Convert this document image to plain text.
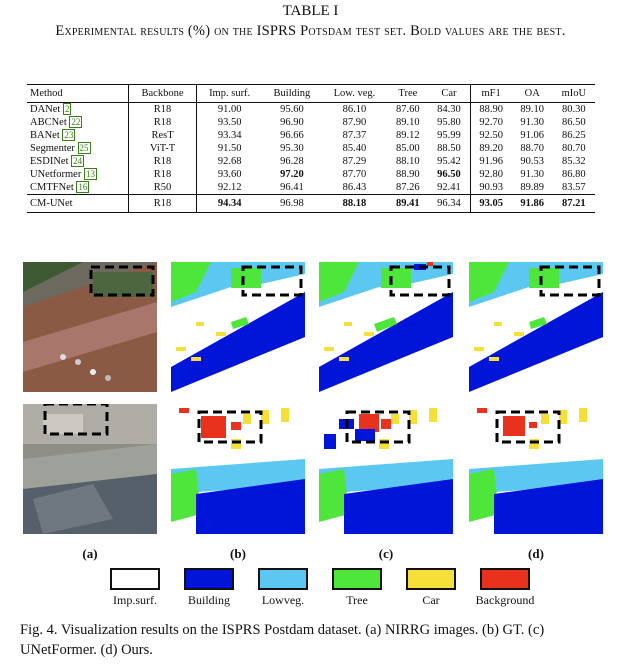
TABLE I
Experimental results (%) on the ISPRS Potsdam test set. Bold values are the best.
Method	Backbone	Imp. surf.	Building	Low. veg.	Tree	Car	mF1	OA	mIoU
DANet 2	R18	91.00	95.60	86.10	87.60	84.30	88.90	89.10	80.30
ABCNet 22	R18	93.50	96.90	87.90	89.10	95.80	92.70	91.30	86.50
BANet 23	ResT	93.34	96.66	87.37	89.12	95.99	92.50	91.06	86.25
Segmenter 25	ViT-T	91.50	95.30	85.40	85.00	88.50	89.20	88.70	80.70
ESDINet 24	R18	92.68	96.28	87.29	88.10	95.42	91.96	90.53	85.32
UNetformer 13	R18	93.60	97.20	87.70	88.90	96.50	92.80	91.30	86.80
CMTFNet 16	R50	92.12	96.41	86.43	87.26	92.41	90.93	89.89	83.57
CM-UNet	R18	94.34	96.98	88.18	89.41	96.34	93.05	91.86	87.21
(a)	(b)	(c)	(d)
Imp.surf.	Building	Lowveg.	Tree	Car	Background
Fig. 4. Visualization results on the ISPRS Postdam dataset. (a) NIRRG images. (b) GT. (c) UNetFormer. (d) Ours.
